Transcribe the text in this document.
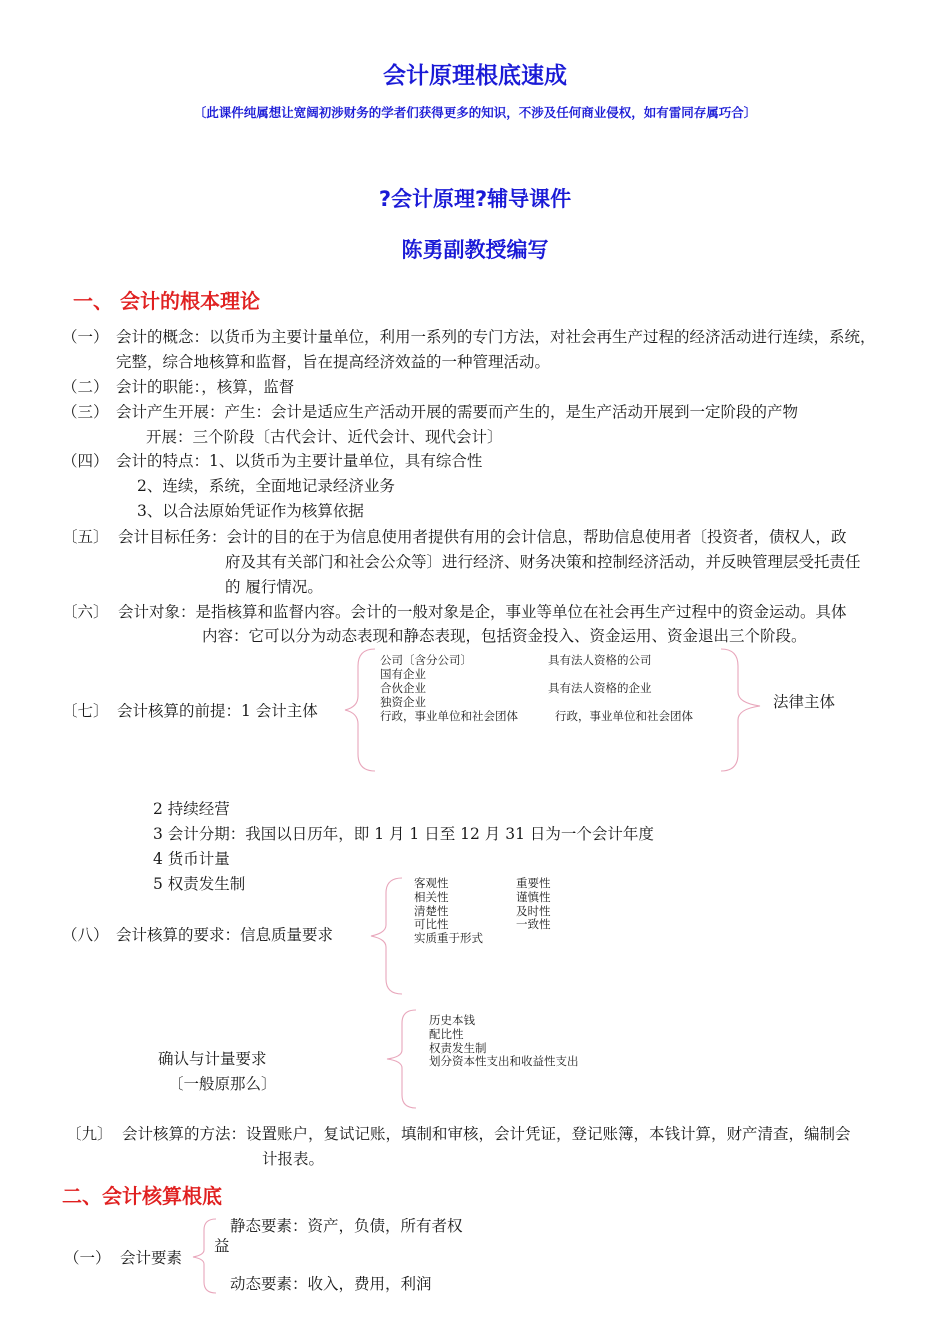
会计原理根底速成
〔此课件纯属想让宽阔初涉财务的学者们获得更多的知识，不涉及任何商业侵权，如有雷同存属巧合〕
?会计原理?辅导课件
陈勇副教授编写
一、 会计的根本理论
（一） 会计的概念：以货币为主要计量单位，利用一系列的专门方法，对社会再生产过程的经济活动进行连续，系统，
完整，综合地核算和监督，旨在提高经济效益的一种管理活动。
（二） 会计的职能：，核算，监督
（三） 会计产生开展：产生：会计是适应生产活动开展的需要而产生的，是生产活动开展到一定阶段的产物
开展：三个阶段〔古代会计、近代会计、现代会计〕
（四） 会计的特点：1、以货币为主要计量单位，具有综合性
2、连续，系统，全面地记录经济业务
3、以合法原始凭证作为核算依据
〔五〕 会计目标任务：会计的目的在于为信息使用者提供有用的会计信息，帮助信息使用者〔投资者，债权人，政
府及其有关部门和社会公众等〕进行经济、财务决策和控制经济活动，并反映管理层受托责任
的 履行情况。
〔六〕 会计对象：是指核算和监督内容。会计的一般对象是企，事业等单位在社会再生产过程中的资金运动。具体
内容：它可以分为动态表现和静态表现，包括资金投入、资金运用、资金退出三个阶段。
〔七〕 会计核算的前提：1 会计主体
公司〔含分公司〕
国有企业
合伙企业
独资企业
行政，事业单位和社会团体
具有法人资格的公司
具有法人资格的企业
行政，事业单位和社会团体
法律主体
2 持续经营
3 会计分期：我国以日历年，即 1 月 1 日至 12 月 31 日为一个会计年度
4 货币计量
5 权责发生制
（八） 会计核算的要求：信息质量要求
客观性
相关性
清楚性
可比性
实质重于形式
重要性
谨慎性
及时性
一致性
确认与计量要求
〔一般原那么〕
历史本钱
配比性
权责发生制
划分资本性支出和收益性支出
〔九〕 会计核算的方法：设置账户，复试记账，填制和审核，会计凭证，登记账簿，本钱计算，财产清查，编制会
计报表。
二、会计核算根底
（一） 会计要素
静态要素：资产，负债，所有者权
益
动态要素：收入，费用，利润
